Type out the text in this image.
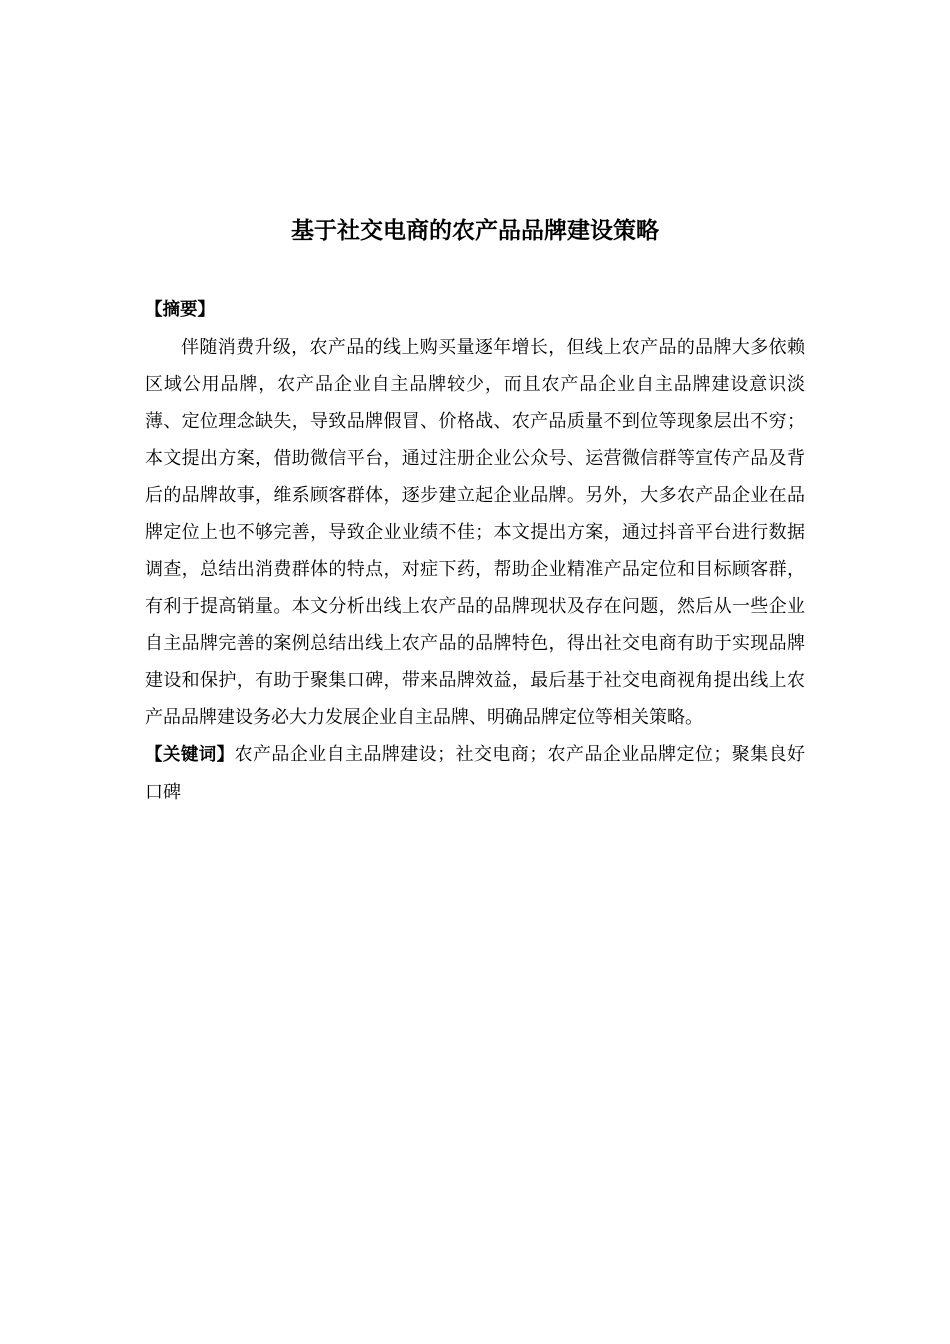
基于社交电商的农产品品牌建设策略

【摘要】

伴随消费升级，农产品的线上购买量逐年增长，但线上农产品的品牌大多依赖区域公用品牌，农产品企业自主品牌较少，而且农产品企业自主品牌建设意识淡薄、定位理念缺失，导致品牌假冒、价格战、农产品质量不到位等现象层出不穷；本文提出方案，借助微信平台，通过注册企业公众号、运营微信群等宣传产品及背后的品牌故事，维系顾客群体，逐步建立起企业品牌。另外，大多农产品企业在品牌定位上也不够完善，导致企业业绩不佳；本文提出方案，通过抖音平台进行数据调查，总结出消费群体的特点，对症下药，帮助企业精准产品定位和目标顾客群，有利于提高销量。本文分析出线上农产品的品牌现状及存在问题，然后从一些企业自主品牌完善的案例总结出线上农产品的品牌特色，得出社交电商有助于实现品牌建设和保护，有助于聚集口碑，带来品牌效益，最后基于社交电商视角提出线上农产品品牌建设务必大力发展企业自主品牌、明确品牌定位等相关策略。

【关键词】农产品企业自主品牌建设；社交电商；农产品企业品牌定位；聚集良好口碑
